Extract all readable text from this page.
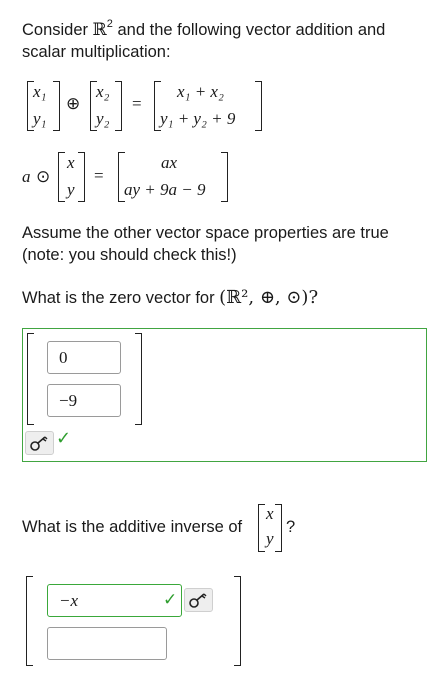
Consider ℝ$^2$ and the following vector addition and
scalar multiplication:
x₁
y₁
⊕
x₂
y₂
=
x₁ + x₂
y₁ + y₂ + 9
a ⊙
x
y
=
ax
ay + 9a − 9
Assume the other vector space properties are true
(note: you should check this!)
What is the zero vector for (ℝ², ⊕, ⊙)?
0
−9
✓
What is the additive inverse of
x
y
?
−x	✓
